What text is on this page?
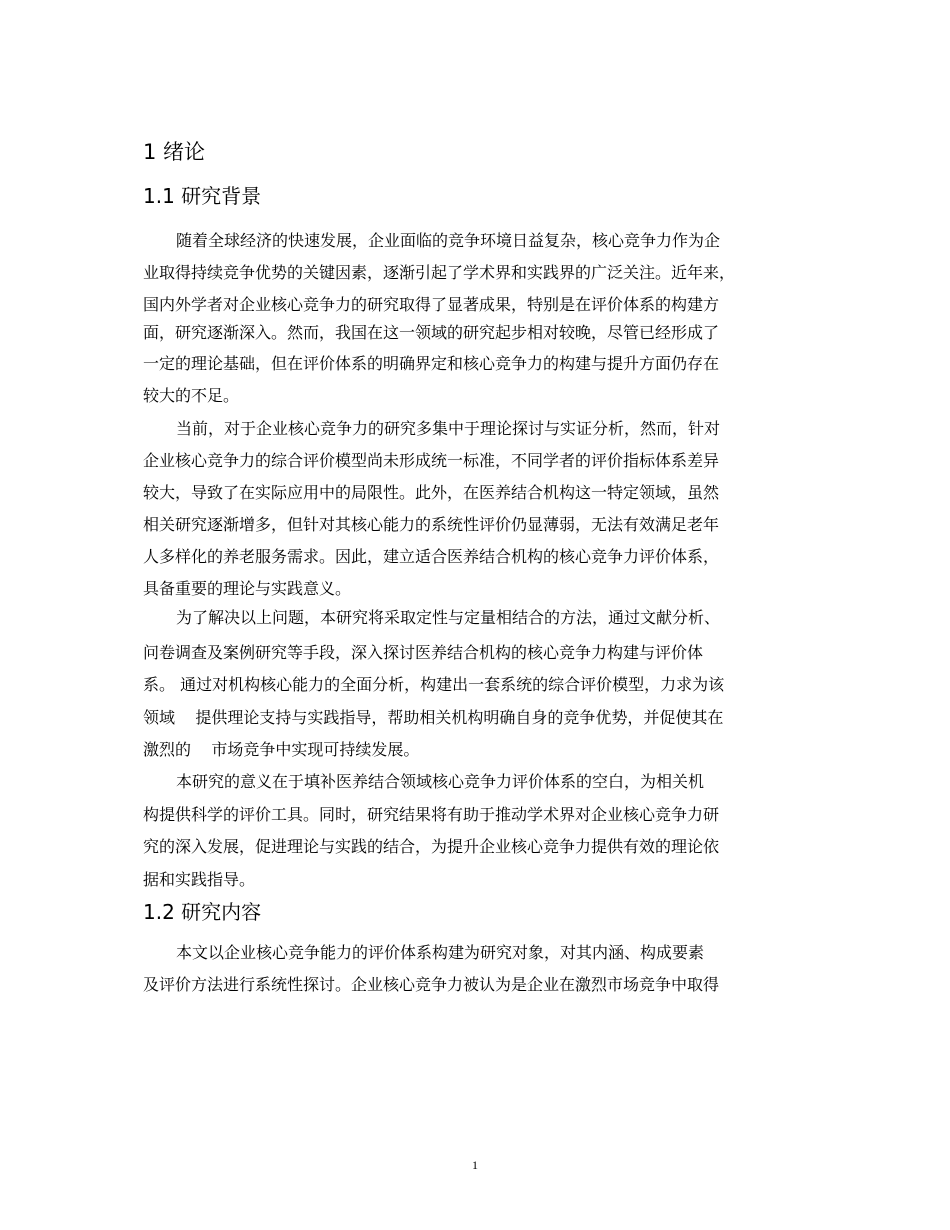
1 绪论
1.1 研究背景
随着全球经济的快速发展，企业面临的竞争环境日益复杂，核心竞争力作为企
业取得持续竞争优势的关键因素，逐渐引起了学术界和实践界的广泛关注。近年来，
国内外学者对企业核心竞争力的研究取得了显著成果，特别是在评价体系的构建方
面，研究逐渐深入。然而，我国在这一领域的研究起步相对较晚，尽管已经形成了
一定的理论基础，但在评价体系的明确界定和核心竞争力的构建与提升方面仍存在
较大的不足。
当前，对于企业核心竞争力的研究多集中于理论探讨与实证分析，然而，针对
企业核心竞争力的综合评价模型尚未形成统一标准，不同学者的评价指标体系差异
较大，导致了在实际应用中的局限性。此外，在医养结合机构这一特定领域，虽然
相关研究逐渐增多，但针对其核心能力的系统性评价仍显薄弱，无法有效满足老年
人多样化的养老服务需求。因此，建立适合医养结合机构的核心竞争力评价体系，
具备重要的理论与实践意义。
为了解决以上问题，本研究将采取定性与定量相结合的方法，通过文献分析、
问卷调查及案例研究等手段，深入探讨医养结合机构的核心竞争力构建与评价体
系。 通过对机构核心能力的全面分析，构建出一套系统的综合评价模型，力求为该
领域    提供理论支持与实践指导，帮助相关机构明确自身的竞争优势，并促使其在
激烈的    市场竞争中实现可持续发展。
本研究的意义在于填补医养结合领域核心竞争力评价体系的空白，为相关机
构提供科学的评价工具。同时，研究结果将有助于推动学术界对企业核心竞争力研
究的深入发展，促进理论与实践的结合，为提升企业核心竞争力提供有效的理论依
据和实践指导。
1.2 研究内容
本文以企业核心竞争能力的评价体系构建为研究对象，对其内涵、构成要素
及评价方法进行系统性探讨。企业核心竞争力被认为是企业在激烈市场竞争中取得
1
